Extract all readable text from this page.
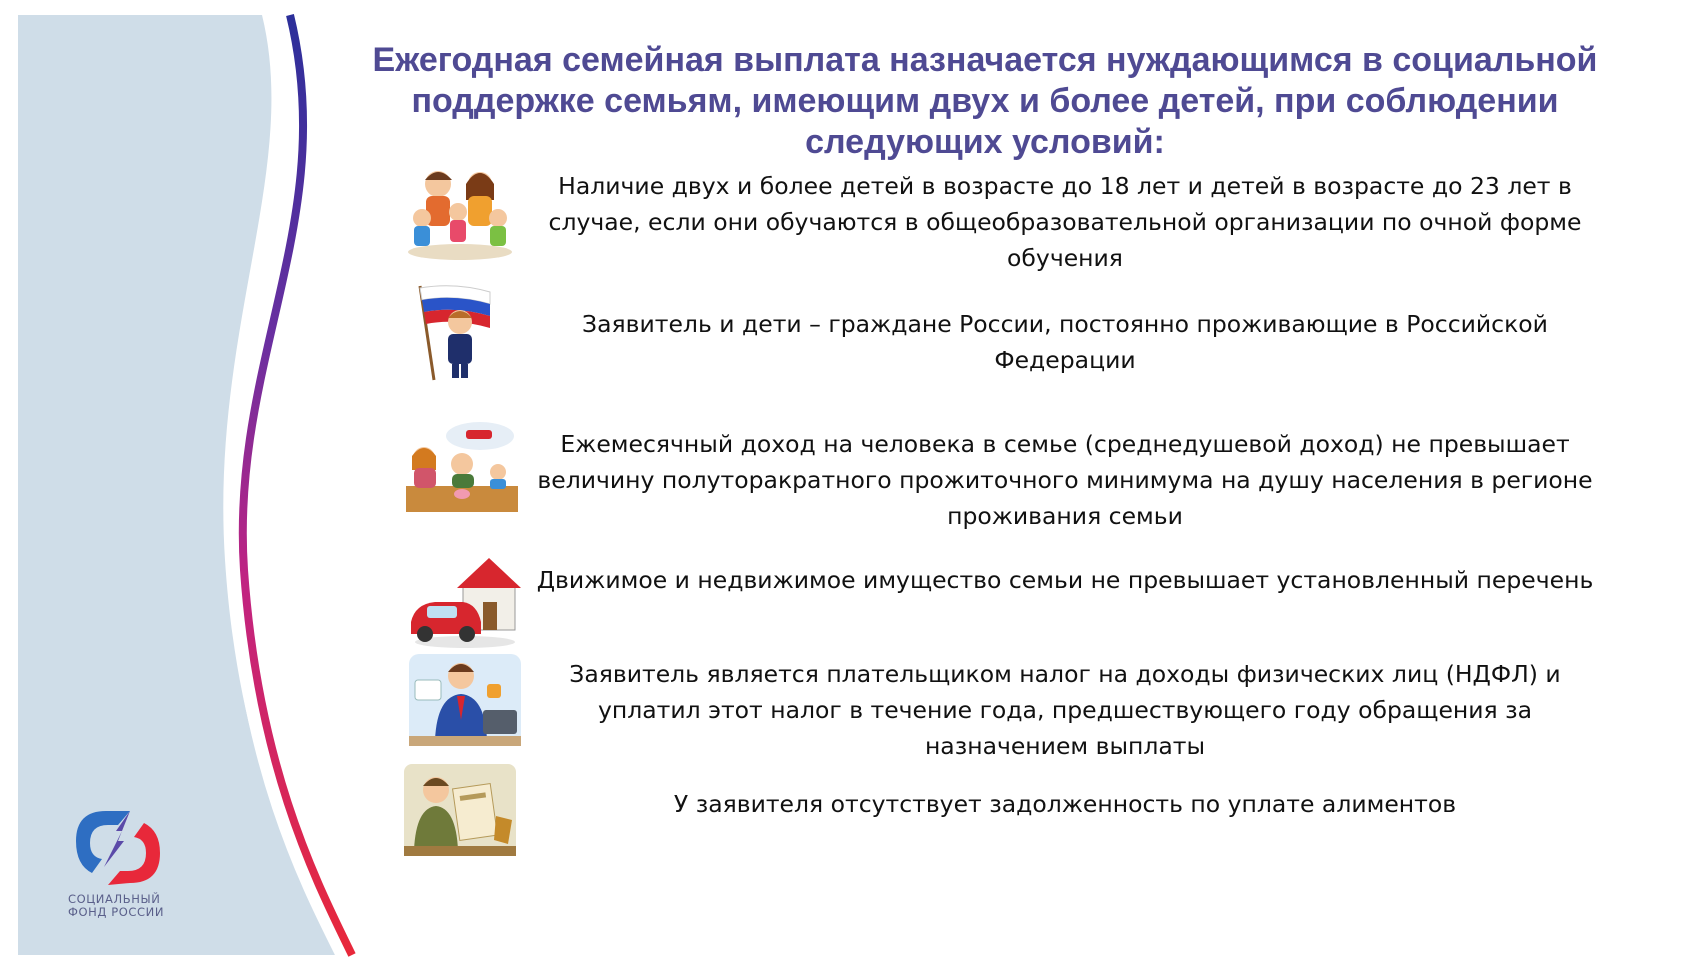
Ежегодная семейная выплата назначается нуждающимся в социальной поддержке семьям, имеющим двух и более детей, при соблюдении следующих условий:

Наличие двух и более детей в возрасте до 18 лет и детей в возрасте до 23 лет в случае, если они обучаются в общеобразовательной организации по очной форме обучения

Заявитель и дети – граждане России, постоянно проживающие в Российской Федерации

Ежемесячный доход на человека в семье (среднедушевой доход) не превышает величину полуторакратного прожиточного минимума на душу населения в регионе проживания семьи

Движимое и недвижимое имущество семьи не превышает установленный перечень

Заявитель является плательщиком налог на доходы физических лиц (НДФЛ) и уплатил этот налог в течение года, предшествующего году обращения за назначением выплаты

У заявителя отсутствует задолженность по уплате алиментов

СОЦИАЛЬНЫЙ
ФОНД РОССИИ
